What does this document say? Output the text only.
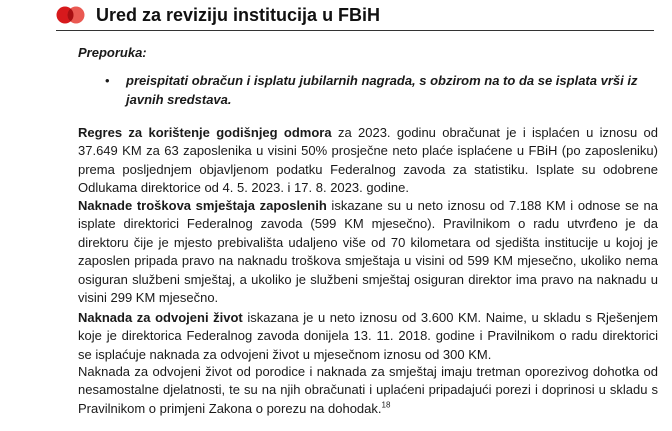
Ured za reviziju institucija u FBiH
Preporuka:
• preispitati obračun i isplatu jubilarnih nagrada, s obzirom na to da se isplata vrši iz javnih sredstava.
Regres za korištenje godišnjeg odmora za 2023. godinu obračunat je i isplaćen u iznosu od 37.649 KM za 63 zaposlenika u visini 50% prosječne neto plaće isplaćene u FBiH (po zaposleniku) prema posljednjem objavljenom podatku Federalnog zavoda za statistiku. Isplate su odobrene Odlukama direktorice od 4. 5. 2023. i 17. 8. 2023. godine.
Naknade troškova smještaja zaposlenih iskazane su u neto iznosu od 7.188 KM i odnose se na isplate direktorici Federalnog zavoda (599 KM mjesečno). Pravilnikom o radu utvrđeno je da direktoru čije je mjesto prebivališta udaljeno više od 70 kilometara od sjedišta institucije u kojoj je zaposlen pripada pravo na naknadu troškova smještaja u visini od 599 KM mjesečno, ukoliko nema osiguran službeni smještaj, a ukoliko je službeni smještaj osiguran direktor ima pravo na naknadu u visini 299 KM mjesečno.
Naknada za odvojeni život iskazana je u neto iznosu od 3.600 KM. Naime, u skladu s Rješenjem koje je direktorica Federalnog zavoda donijela 13. 11. 2018. godine i Pravilnikom o radu direktorici se isplaćuje naknada za odvojeni život u mjesečnom iznosu od 300 KM.
Naknada za odvojeni život od porodice i naknada za smještaj imaju tretman oporezivog dohotka od nesamostalne djelatnosti, te su na njih obračunati i uplaćeni pripadajući porezi i doprinosi u skladu s Pravilnikom o primjeni Zakona o porezu na dohodak.$^{18}$
